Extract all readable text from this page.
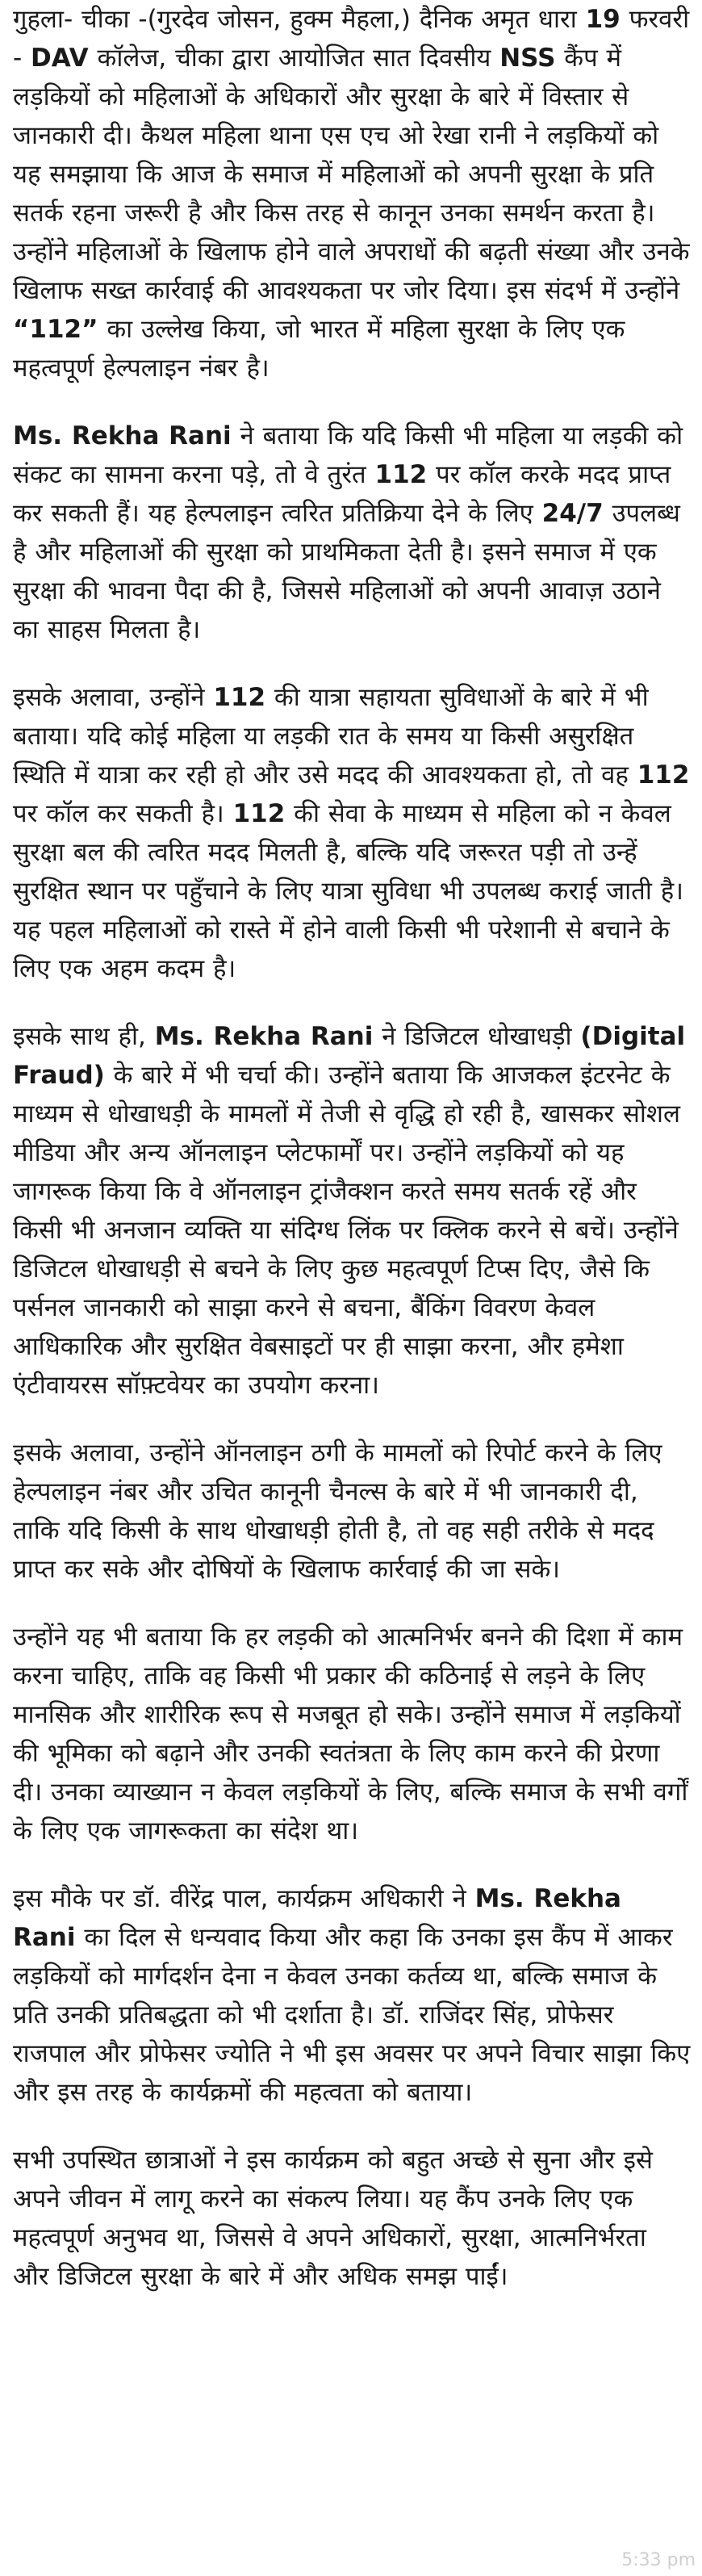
गुहला- चीका -(गुरदेव जोसन, हुक्म मैहला,) दैनिक अमृत धारा 19 फरवरी - DAV कॉलेज, चीका द्वारा आयोजित सात दिवसीय NSS कैंप में लड़कियों को महिलाओं के अधिकारों और सुरक्षा के बारे में विस्तार से जानकारी दी। कैथल महिला थाना एस एच ओ रेखा रानी ने लड़कियों को यह समझाया कि आज के समाज में महिलाओं को अपनी सुरक्षा के प्रति सतर्क रहना जरूरी है और किस तरह से कानून उनका समर्थन करता है। उन्होंने महिलाओं के खिलाफ होने वाले अपराधों की बढ़ती संख्या और उनके खिलाफ सख्त कार्रवाई की आवश्यकता पर जोर दिया। इस संदर्भ में उन्होंने “112” का उल्लेख किया, जो भारत में महिला सुरक्षा के लिए एक महत्वपूर्ण हेल्पलाइन नंबर है।

Ms. Rekha Rani ने बताया कि यदि किसी भी महिला या लड़की को संकट का सामना करना पड़े, तो वे तुरंत 112 पर कॉल करके मदद प्राप्त कर सकती हैं। यह हेल्पलाइन त्वरित प्रतिक्रिया देने के लिए 24/7 उपलब्ध है और महिलाओं की सुरक्षा को प्राथमिकता देती है। इसने समाज में एक सुरक्षा की भावना पैदा की है, जिससे महिलाओं को अपनी आवाज़ उठाने का साहस मिलता है।

इसके अलावा, उन्होंने 112 की यात्रा सहायता सुविधाओं के बारे में भी बताया। यदि कोई महिला या लड़की रात के समय या किसी असुरक्षित स्थिति में यात्रा कर रही हो और उसे मदद की आवश्यकता हो, तो वह 112 पर कॉल कर सकती है। 112 की सेवा के माध्यम से महिला को न केवल सुरक्षा बल की त्वरित मदद मिलती है, बल्कि यदि जरूरत पड़ी तो उन्हें सुरक्षित स्थान पर पहुँचाने के लिए यात्रा सुविधा भी उपलब्ध कराई जाती है। यह पहल महिलाओं को रास्ते में होने वाली किसी भी परेशानी से बचाने के लिए एक अहम कदम है।

इसके साथ ही, Ms. Rekha Rani ने डिजिटल धोखाधड़ी (Digital Fraud) के बारे में भी चर्चा की। उन्होंने बताया कि आजकल इंटरनेट के माध्यम से धोखाधड़ी के मामलों में तेजी से वृद्धि हो रही है, खासकर सोशल मीडिया और अन्य ऑनलाइन प्लेटफार्मों पर। उन्होंने लड़कियों को यह जागरूक किया कि वे ऑनलाइन ट्रांजैक्शन करते समय सतर्क रहें और किसी भी अनजान व्यक्ति या संदिग्ध लिंक पर क्लिक करने से बचें। उन्होंने डिजिटल धोखाधड़ी से बचने के लिए कुछ महत्वपूर्ण टिप्स दिए, जैसे कि पर्सनल जानकारी को साझा करने से बचना, बैंकिंग विवरण केवल आधिकारिक और सुरक्षित वेबसाइटों पर ही साझा करना, और हमेशा एंटीवायरस सॉफ़्टवेयर का उपयोग करना।

इसके अलावा, उन्होंने ऑनलाइन ठगी के मामलों को रिपोर्ट करने के लिए हेल्पलाइन नंबर और उचित कानूनी चैनल्स के बारे में भी जानकारी दी, ताकि यदि किसी के साथ धोखाधड़ी होती है, तो वह सही तरीके से मदद प्राप्त कर सके और दोषियों के खिलाफ कार्रवाई की जा सके।

उन्होंने यह भी बताया कि हर लड़की को आत्मनिर्भर बनने की दिशा में काम करना चाहिए, ताकि वह किसी भी प्रकार की कठिनाई से लड़ने के लिए मानसिक और शारीरिक रूप से मजबूत हो सके। उन्होंने समाज में लड़कियों की भूमिका को बढ़ाने और उनकी स्वतंत्रता के लिए काम करने की प्रेरणा दी। उनका व्याख्यान न केवल लड़कियों के लिए, बल्कि समाज के सभी वर्गों के लिए एक जागरूकता का संदेश था।

इस मौके पर डॉ. वीरेंद्र पाल, कार्यक्रम अधिकारी ने Ms. Rekha Rani का दिल से धन्यवाद किया और कहा कि उनका इस कैंप में आकर लड़कियों को मार्गदर्शन देना न केवल उनका कर्तव्य था, बल्कि समाज के प्रति उनकी प्रतिबद्धता को भी दर्शाता है। डॉ. राजिंदर सिंह, प्रोफेसर राजपाल और प्रोफेसर ज्योति ने भी इस अवसर पर अपने विचार साझा किए और इस तरह के कार्यक्रमों की महत्वता को बताया।

सभी उपस्थित छात्राओं ने इस कार्यक्रम को बहुत अच्छे से सुना और इसे अपने जीवन में लागू करने का संकल्प लिया। यह कैंप उनके लिए एक महत्वपूर्ण अनुभव था, जिससे वे अपने अधिकारों, सुरक्षा, आत्मनिर्भरता और डिजिटल सुरक्षा के बारे में और अधिक समझ पाईं।

5:33 pm
